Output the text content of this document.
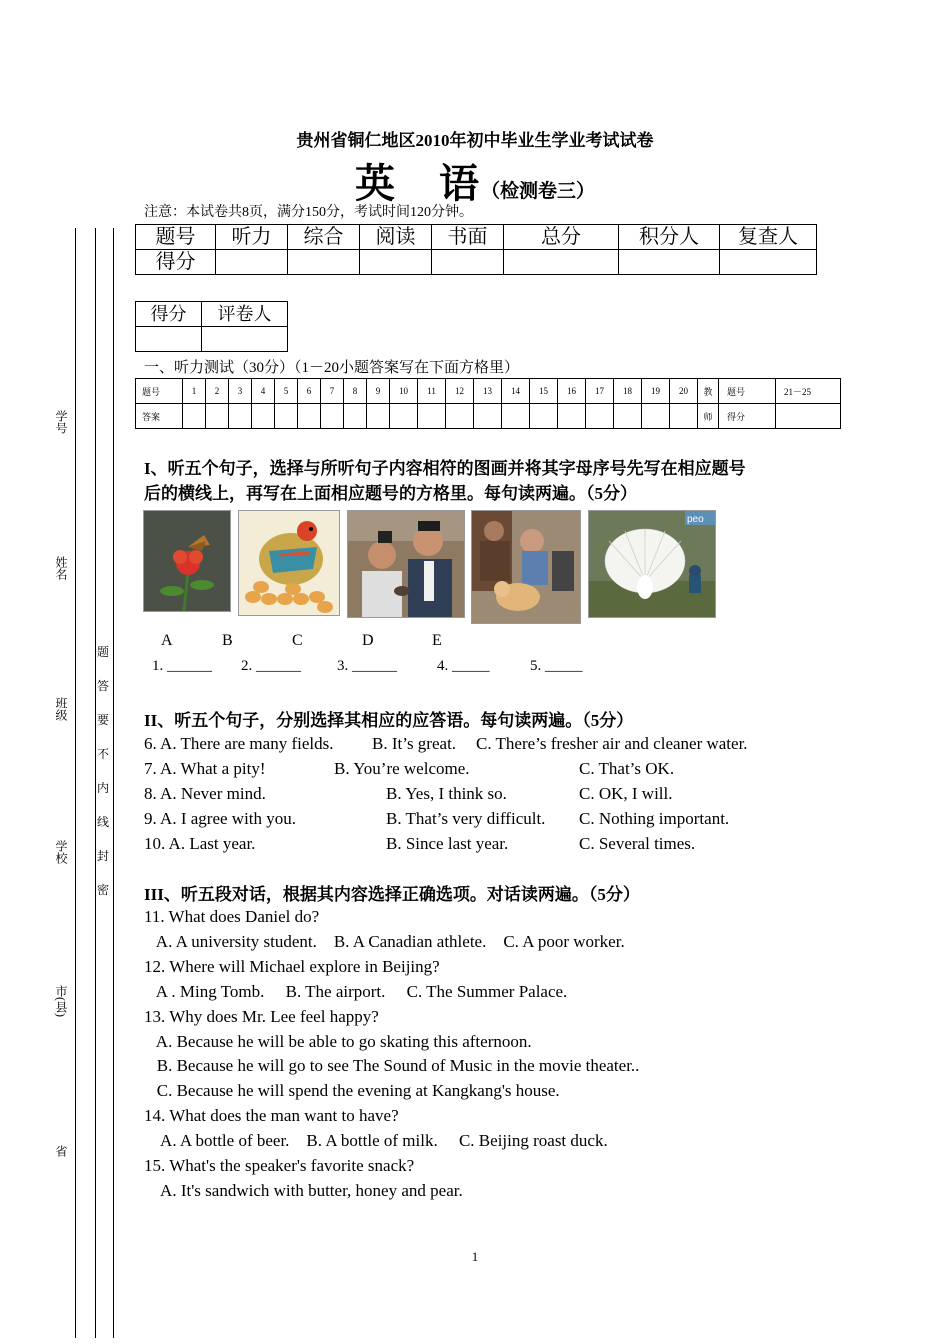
学号
姓名
班级
学校
市(县)
省
题
答
要
不
内
线
封
密
贵州省铜仁地区2010年初中毕业生学业考试试卷
英　语（检测卷三）
注意：本试卷共8页，满分150分，考试时间120分钟。
题号	听力	综合	阅读	书面	总分	积分人	复查人
得分							
得分	评卷人

一、听力测试（30分）（1－20小题答案写在下面方格里）
题号	1	2	3	4	5	6	7	8	9	10	11	12	13	14	15	16	17	18	19	20	教	题号	21－25
答案																					师	得分	
I、听五个句子，选择与所听句子内容相符的图画并将其字母序号先写在相应题号
后的横线上，再写在上面相应题号的方格里。每句读两遍。（5分）
peo
A	B	C	D	E
1. ______ 2. ______ 3. ______	4. _____	5. _____
II、听五个句子，分别选择其相应的应答语。每句读两遍。（5分）
6. A. There are many fields. B. It’s great. C. There’s fresher air and cleaner water.
7. A. What a pity!	B. You’re welcome.	C. That’s OK.
8. A. Never mind.	B. Yes, I think so.	C. OK, I will.
9. A. I agree with you.	B. That’s very difficult. C. Nothing important.
10. A. Last year.	B. Since last year.	C. Several times.
III、听五段对话，根据其内容选择正确选项。对话读两遍。（5分）
11. What does Daniel do?
A. A university student.    B. A Canadian athlete.    C. A poor worker.
12. Where will Michael explore in Beijing?
A . Ming Tomb.     B. The airport.     C. The Summer Palace.
13. Why does Mr. Lee feel happy?
A. Because he will be able to go skating this afternoon.
B. Because he will go to see The Sound of Music in the movie theater..
C. Because he will spend the evening at Kangkang's house.
14. What does the man want to have?
A. A bottle of beer.    B. A bottle of milk.     C. Beijing roast duck.
15. What's the speaker's favorite snack?
A. It's sandwich with butter, honey and pear.
1
